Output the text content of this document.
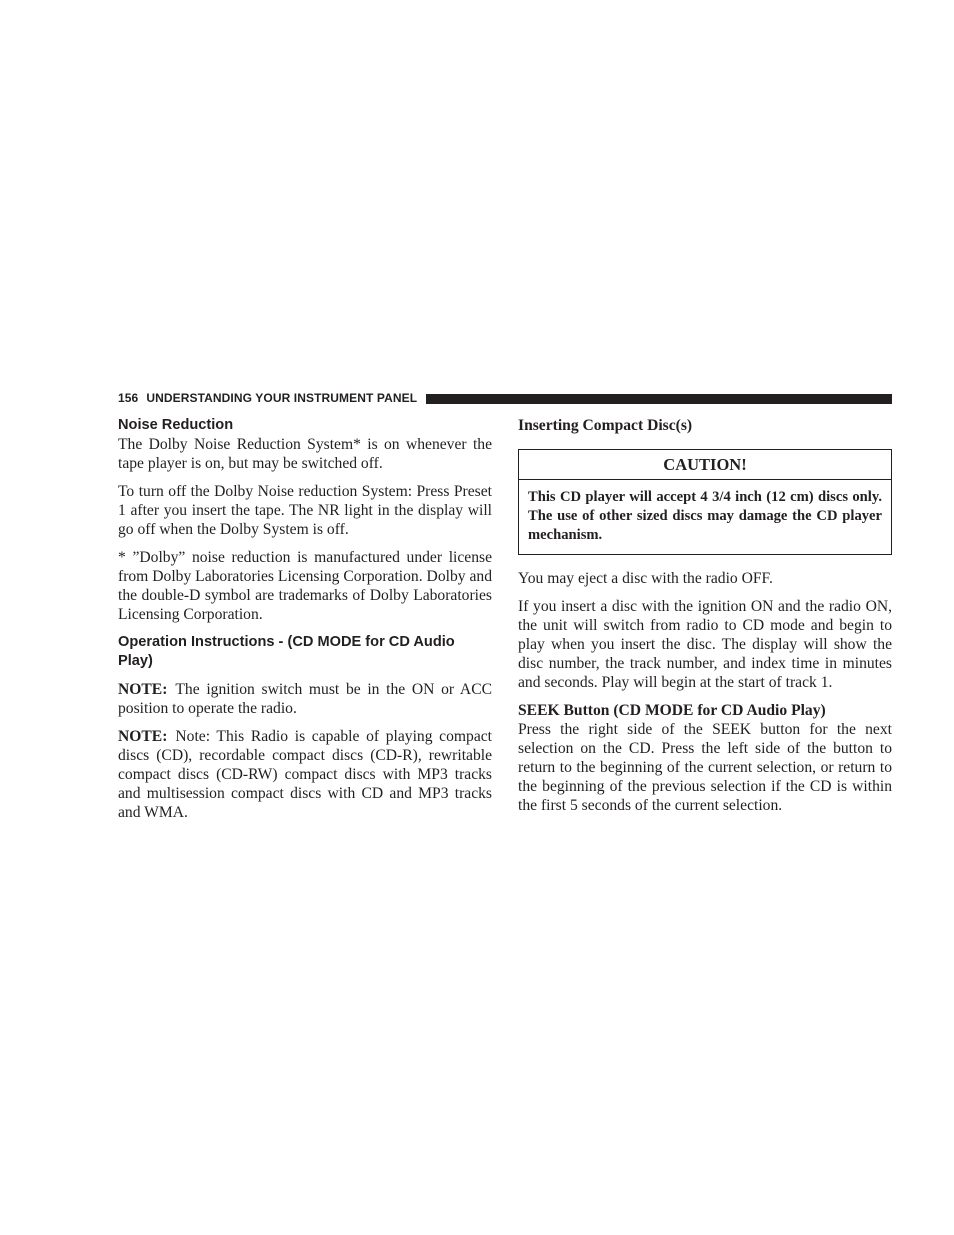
156 UNDERSTANDING YOUR INSTRUMENT PANEL
Noise Reduction

The Dolby Noise Reduction System* is on whenever the tape player is on, but may be switched off.

To turn off the Dolby Noise reduction System: Press Preset 1 after you insert the tape. The NR light in the display will go off when the Dolby System is off.

* ”Dolby” noise reduction is manufactured under license from Dolby Laboratories Licensing Corporation. Dolby and the double-D symbol are trademarks of Dolby Laboratories Licensing Corporation.

Operation Instructions - (CD MODE for CD Audio Play)

NOTE: The ignition switch must be in the ON or ACC position to operate the radio.

NOTE: Note: This Radio is capable of playing compact discs (CD), recordable compact discs (CD-R), rewritable compact discs (CD-RW) compact discs with MP3 tracks and multisession compact discs with CD and MP3 tracks and WMA.

Inserting Compact Disc(s)
CAUTION!
This CD player will accept 4 3/4 inch (12 cm) discs only. The use of other sized discs may damage the CD player mechanism.

You may eject a disc with the radio OFF.

If you insert a disc with the ignition ON and the radio ON, the unit will switch from radio to CD mode and begin to play when you insert the disc. The display will show the disc number, the track number, and index time in minutes and seconds. Play will begin at the start of track 1.

SEEK Button (CD MODE for CD Audio Play)

Press the right side of the SEEK button for the next selection on the CD. Press the left side of the button to return to the beginning of the current selection, or return to the beginning of the previous selection if the CD is within the first 5 seconds of the current selection.
